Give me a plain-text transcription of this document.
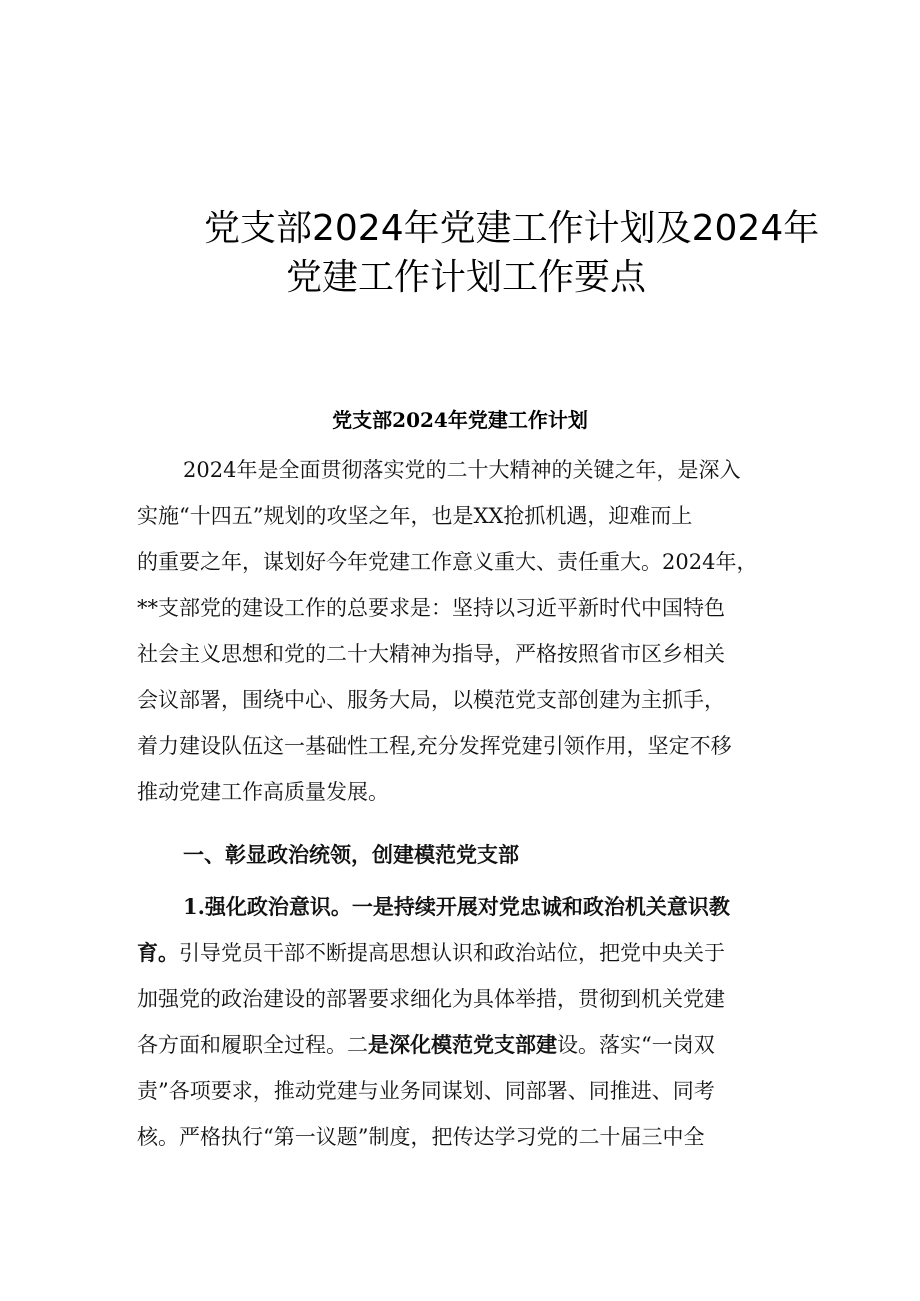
党支部2024年党建工作计划及2024年
党建工作计划工作要点
党支部2024年党建工作计划
2024年是全面贯彻落实党的二十大精神的关键之年，是深入
实施“十四五”规划的攻坚之年，也是XX抢抓机遇，迎难而上
的重要之年，谋划好今年党建工作意义重大、责任重大。2024年，
**支部党的建设工作的总要求是：坚持以习近平新时代中国特色
社会主义思想和党的二十大精神为指导，严格按照省市区乡相关
会议部署，围绕中心、服务大局，以模范党支部创建为主抓手，
着力建设队伍这一基础性工程,充分发挥党建引领作用，坚定不移
推动党建工作高质量发展。
一、彰显政治统领，创建模范党支部
1.强化政治意识。一是持续开展对党忠诚和政治机关意识教
育。引导党员干部不断提高思想认识和政治站位，把党中央关于
加强党的政治建设的部署要求细化为具体举措，贯彻到机关党建
各方面和履职全过程。二是深化模范党支部建设。落实“一岗双
责”各项要求，推动党建与业务同谋划、同部署、同推进、同考
核。严格执行“第一议题”制度，把传达学习党的二十届三中全
